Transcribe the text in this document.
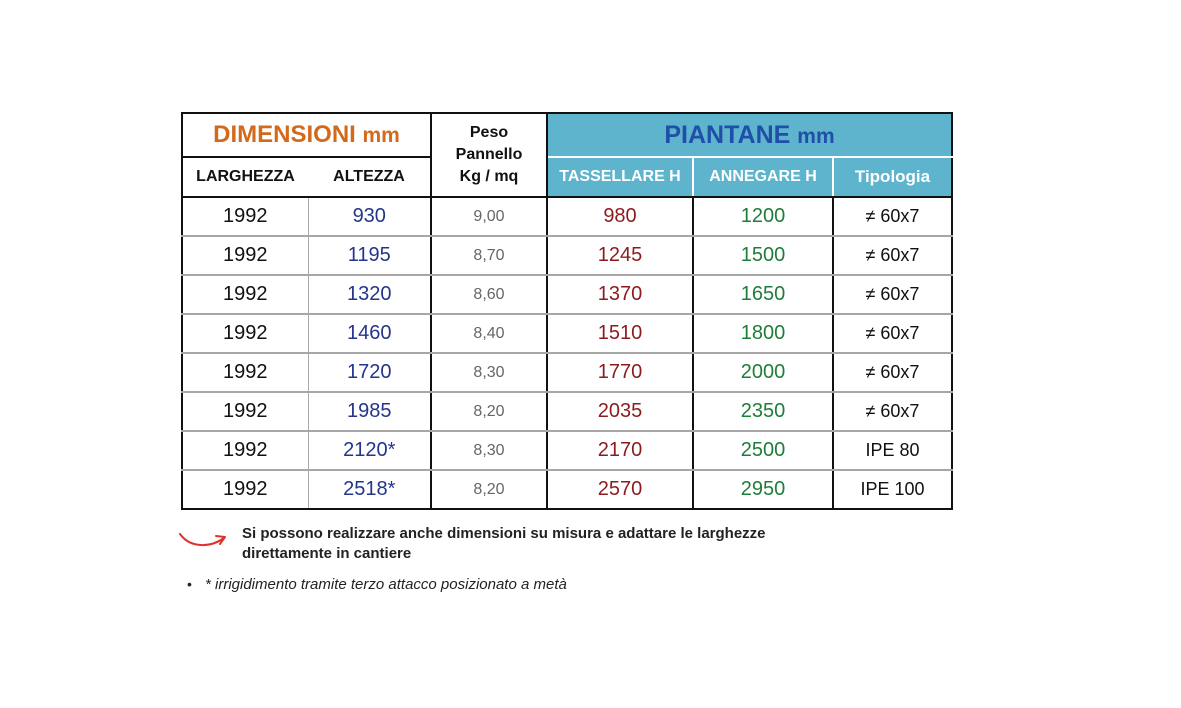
DIMENSIONI mm		Peso
Pannello
Kg / mq	PIANTANE mm		
LARGHEZZA	ALTEZZA		TASSELLARE H	ANNEGARE H	Tipologia
1992	930	9,00	980	1200	≠ 60x7
1992	1195	8,70	1245	1500	≠ 60x7
1992	1320	8,60	1370	1650	≠ 60x7
1992	1460	8,40	1510	1800	≠ 60x7
1992	1720	8,30	1770	2000	≠ 60x7
1992	1985	8,20	2035	2350	≠ 60x7
1992	2120*	8,30	2170	2500	IPE 80
1992	2518*	8,20	2570	2950	IPE 100
Si possono realizzare anche dimensioni su misura e adattare le larghezze direttamente in cantiere
• * irrigidimento tramite terzo attacco posizionato a metà
